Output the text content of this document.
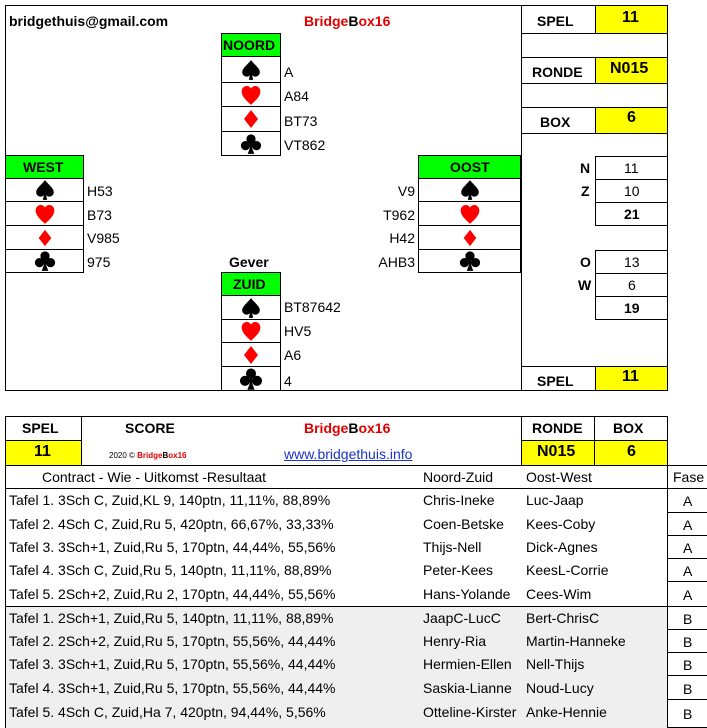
bridgethuis@gmail.com	BridgeBox16	SPEL	11
RONDE N015
BOX	6
N 11
Z 10
21
O 13
W	6
19
SPEL	11
NOORD
A
A84
BT73
VT862
WEST
H53
B73
V985
975
OOST
V9
T962
H42
AHB3
Gever
ZUID
BT87642
HV5
A6
4
SPEL	SCORE	BridgeBox16	RONDE BOX
11	2020 © BridgeBox16	www.bridgethuis.info	N015	6
Contract - Wie - Uitkomst -Resultaat	Noord-Zuid Oost-West	Fase
Tafel 1. 3Sch C, Zuid,KL 9, 140ptn, 11,11%, 88,89%	Chris-Ineke Luc-Jaap	A
Tafel 2. 4Sch C, Zuid,Ru 5, 420ptn, 66,67%, 33,33%	Coen-Betske Kees-Coby	A
Tafel 3. 3Sch+1, Zuid,Ru 5, 170ptn, 44,44%, 55,56%	Thijs-Nell	Dick-Agnes	A
Tafel 4. 3Sch C, Zuid,Ru 5, 140ptn, 11,11%, 88,89%	Peter-Kees KeesL-Corrie	A
Tafel 5. 2Sch+2, Zuid,Ru 2, 170ptn, 44,44%, 55,56%	Hans-Yolande Cees-Wim	A
Tafel 1. 2Sch+1, Zuid,Ru 5, 140ptn, 11,11%, 88,89%	JaapC-LucC Bert-ChrisC	B
Tafel 2. 2Sch+2, Zuid,Ru 5, 170ptn, 55,56%, 44,44%	Henry-Ria	Martin-Hanneke	B
Tafel 3. 3Sch+1, Zuid,Ru 5, 170ptn, 55,56%, 44,44%	Hermien-Ellen Nell-Thijs	B
Tafel 4. 3Sch+1, Zuid,Ru 5, 170ptn, 55,56%, 44,44%	Saskia-Lianne Noud-Lucy	B
Tafel 5. 4Sch C, Zuid,Ha 7, 420ptn, 94,44%, 5,56%	Otteline-Kirster Anke-Hennie	B
